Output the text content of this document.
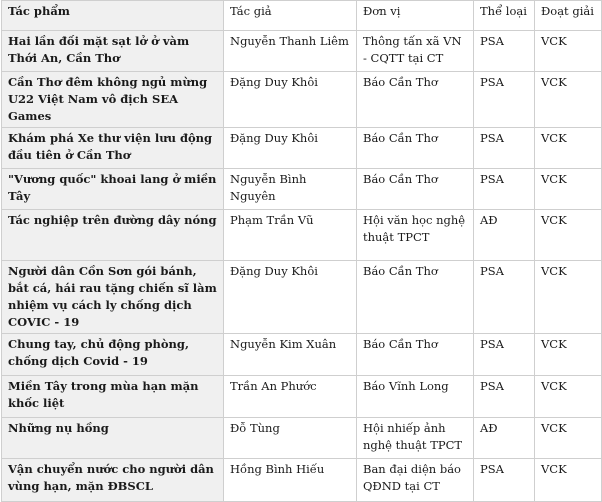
Tác phẩm	Tác giả	Đơn vị	Thể loại	Đoạt giải
Hai lần đối mặt sạt lở ở vàm Thới An, Cần Thơ	Nguyễn Thanh Liêm	Thông tấn xã VN - CQTT tại CT	PSA	VCK
Cần Thơ đêm không ngủ mừng U22 Việt Nam vô địch SEA Games	Đặng Duy Khôi	Báo Cần Thơ	PSA	VCK
Khám phá Xe thư viện lưu động đầu tiên ở Cần Thơ	Đặng Duy Khôi	Báo Cần Thơ	PSA	VCK
"Vương quốc" khoai lang ở miền Tây	Nguyễn Bình Nguyên	Báo Cần Thơ	PSA	VCK
Tác nghiệp trên đường dây nóng	Phạm Trần Vũ	Hội văn học nghệ thuật TPCT	AĐ	VCK
Người dân Cồn Sơn gói bánh, bắt cá, hái rau tặng chiến sĩ làm nhiệm vụ cách ly chống dịch COVIC - 19	Đặng Duy Khôi	Báo Cần Thơ	PSA	VCK
Chung tay, chủ động phòng, chống dịch Covid - 19	Nguyễn Kim Xuân	Báo Cần Thơ	PSA	VCK
Miền Tây trong mùa hạn mặn khốc liệt	Trần An Phước	Báo Vĩnh Long	PSA	VCK
Những nụ hồng	Đỗ Tùng	Hội nhiếp ảnh nghệ thuật TPCT	AĐ	VCK
Vận chuyển nước cho người dân vùng hạn, mặn ĐBSCL	Hồng Bình Hiếu	Ban đại diện báo QĐND tại CT	PSA	VCK
